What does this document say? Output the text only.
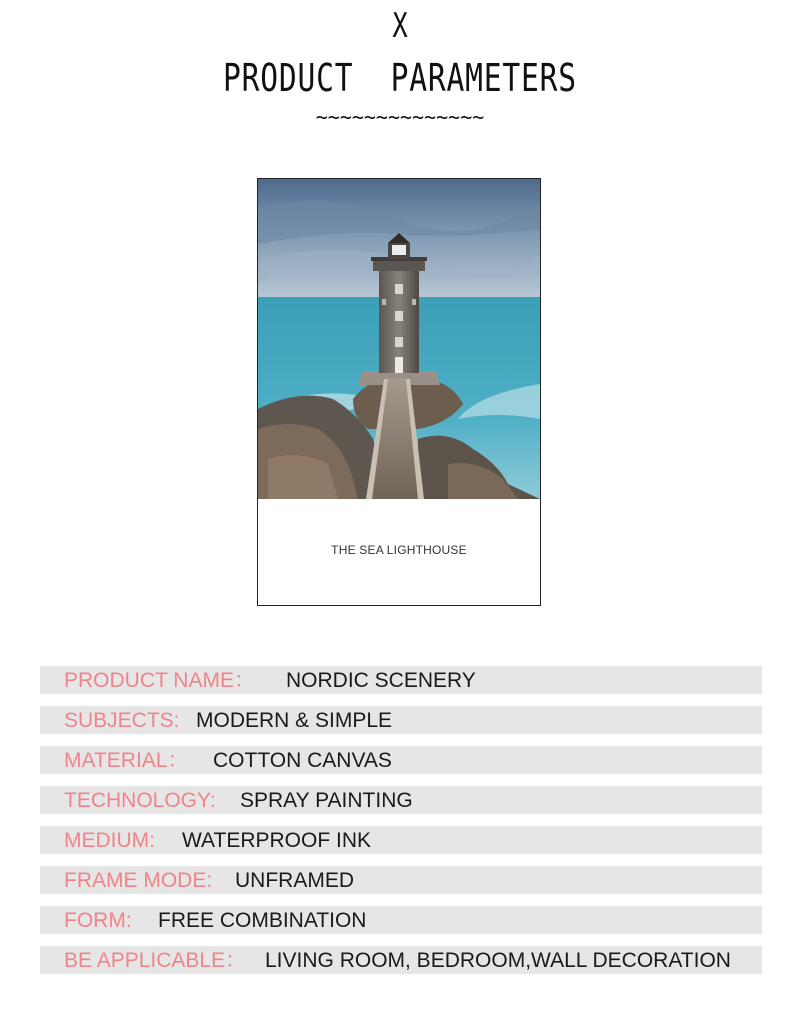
X
PRODUCT  PARAMETERS
~~~~~~~~~~~~~~
THE SEA LIGHTHOUSE
PRODUCT NAME： NORDIC SCENERY
SUBJECTS: MODERN & SIMPLE
MATERIAL： COTTON CANVAS
TECHNOLOGY: SPRAY PAINTING
MEDIUM: WATERPROOF INK
FRAME MODE: UNFRAMED
FORM: FREE COMBINATION
BE APPLICABLE： LIVING ROOM, BEDROOM,WALL DECORATION
